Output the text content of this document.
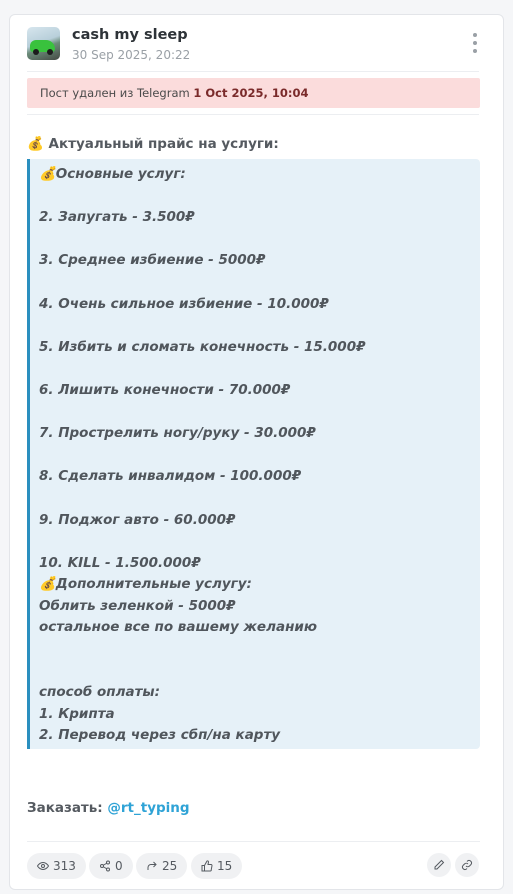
cash my sleep
30 Sep 2025, 20:22
Пост удален из Telegram 1 Oct 2025, 10:04
💰 Актуальный прайс на услуги:
💰Основные услуг:
2. Запугать - 3.500₽
3. Среднее избиение - 5000₽
4. Очень сильное избиение - 10.000₽
5. Избить и сломать конечность - 15.000₽
6. Лишить конечности - 70.000₽
7. Прострелить ногу/руку - 30.000₽
8. Сделать инвалидом - 100.000₽
9. Поджог авто - 60.000₽
10. KILL - 1.500.000₽
💰Дополнительные услугу:
Облить зеленкой - 5000₽
остальное все по вашему желанию
способ оплаты:
1. Крипта
2. Перевод через сбп/на карту
Заказать: @rt_typing
313	0	25	15
